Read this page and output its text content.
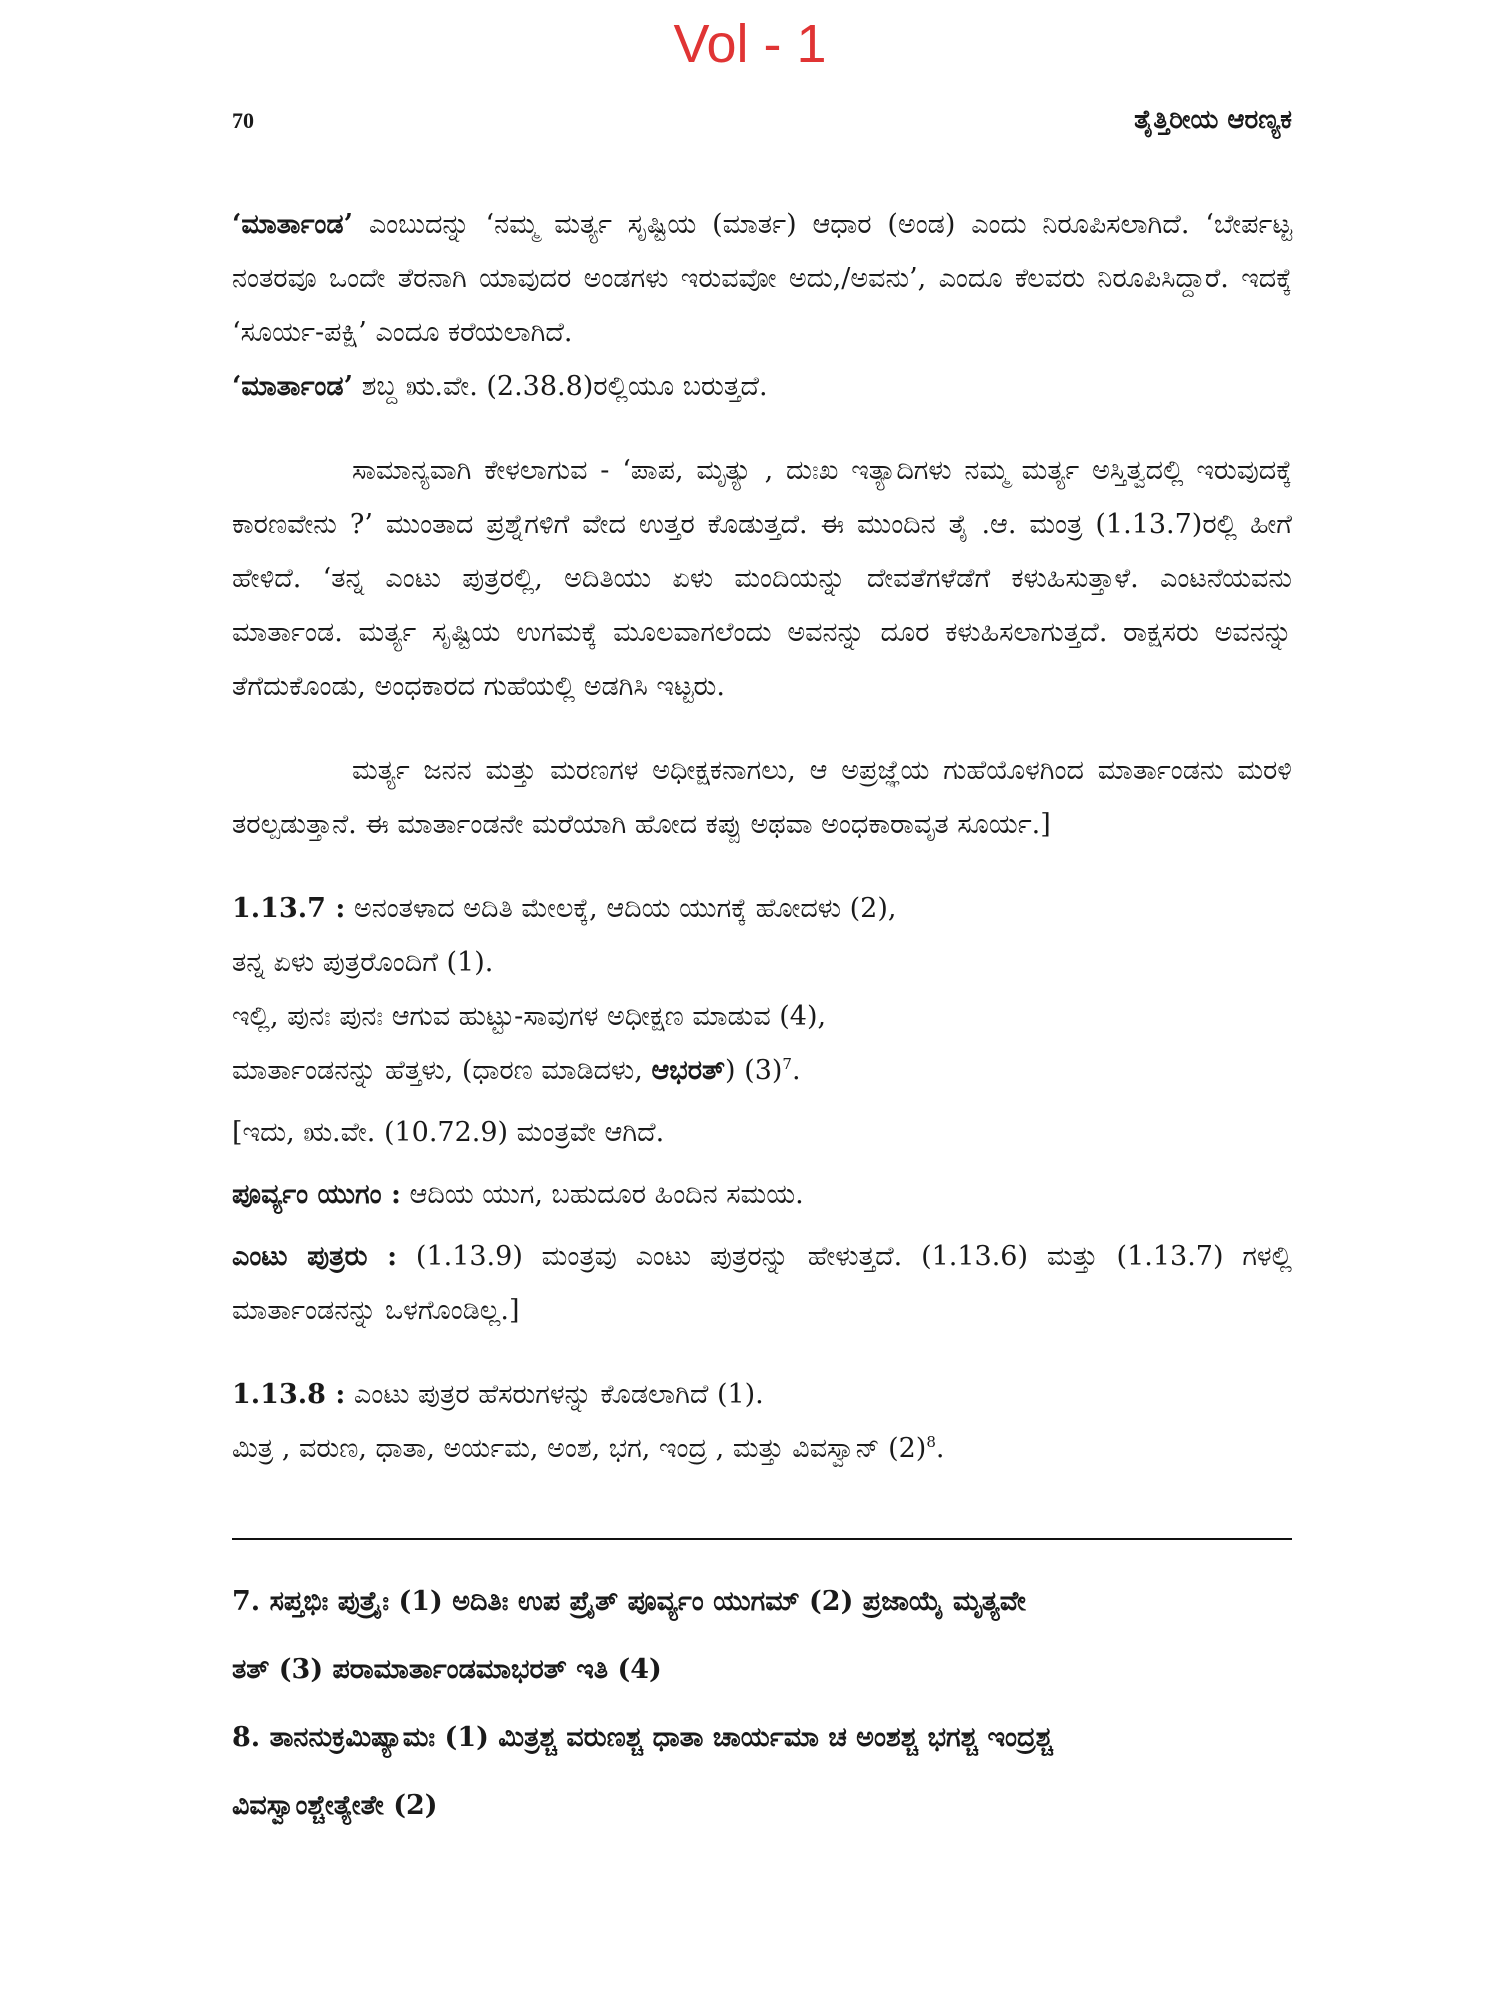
Vol - 1
70	ತೈತ್ತಿರೀಯ ಆರಣ್ಯಕ

‘ಮಾರ್ತಾಂಡ’ ಎಂಬುದನ್ನು ‘ನಮ್ಮ ಮರ್ತ್ಯ ಸೃಷ್ಟಿಯ (ಮಾರ್ತ) ಆಧಾರ (ಅಂಡ) ಎಂದು ನಿರೂಪಿಸಲಾಗಿದೆ. ‘ಬೇರ್ಪಟ್ಟ ನಂತರವೂ ಒಂದೇ ತೆರನಾಗಿ ಯಾವುದರ ಅಂಡಗಳು ಇರುವವೋ ಅದು,/ಅವನು’, ಎಂದೂ ಕೆಲವರು ನಿರೂಪಿಸಿದ್ದಾರೆ. ಇದಕ್ಕೆ ‘ಸೂರ್ಯ-ಪಕ್ಷಿ’ ಎಂದೂ ಕರೆಯಲಾಗಿದೆ.
‘ಮಾರ್ತಾಂಡ’ ಶಬ್ದ ಋ.ವೇ. (2.38.8)ರಲ್ಲಿಯೂ ಬರುತ್ತದೆ.

ಸಾಮಾನ್ಯವಾಗಿ ಕೇಳಲಾಗುವ - ‘ಪಾಪ, ಮೃತ್ಯು , ದುಃಖ ಇತ್ಯಾದಿಗಳು ನಮ್ಮ ಮರ್ತ್ಯ ಅಸ್ತಿತ್ವದಲ್ಲಿ ಇರುವುದಕ್ಕೆ ಕಾರಣವೇನು ?’ ಮುಂತಾದ ಪ್ರಶ್ನೆಗಳಿಗೆ ವೇದ ಉತ್ತರ ಕೊಡುತ್ತದೆ. ಈ ಮುಂದಿನ ತೈ .ಆ. ಮಂತ್ರ (1.13.7)ರಲ್ಲಿ ಹೀಗೆ ಹೇಳಿದೆ. ‘ತನ್ನ ಎಂಟು ಪುತ್ರರಲ್ಲಿ, ಅದಿತಿಯು ಏಳು ಮಂದಿಯನ್ನು ದೇವತೆಗಳೆಡೆಗೆ ಕಳುಹಿಸುತ್ತಾಳೆ. ಎಂಟನೆಯವನು ಮಾರ್ತಾಂಡ. ಮರ್ತ್ಯ ಸೃಷ್ಟಿಯ ಉಗಮಕ್ಕೆ ಮೂಲವಾಗಲೆಂದು ಅವನನ್ನು ದೂರ ಕಳುಹಿಸಲಾಗುತ್ತದೆ. ರಾಕ್ಷಸರು ಅವನನ್ನು ತೆಗೆದುಕೊಂಡು, ಅಂಧಕಾರದ ಗುಹೆಯಲ್ಲಿ ಅಡಗಿಸಿ ಇಟ್ಟರು.

ಮರ್ತ್ಯ ಜನನ ಮತ್ತು ಮರಣಗಳ ಅಧೀಕ್ಷಕನಾಗಲು, ಆ ಅಪ್ರಜ್ಞೆಯ ಗುಹೆಯೊಳಗಿಂದ ಮಾರ್ತಾಂಡನು ಮರಳಿ ತರಲ್ಪಡುತ್ತಾನೆ. ಈ ಮಾರ್ತಾಂಡನೇ ಮರೆಯಾಗಿ ಹೋದ ಕಪ್ಪು ಅಥವಾ ಅಂಧಕಾರಾವೃತ ಸೂರ್ಯ.]

1.13.7 : ಅನಂತಳಾದ ಅದಿತಿ ಮೇಲಕ್ಕೆ, ಆದಿಯ ಯುಗಕ್ಕೆ ಹೋದಳು (2),
ತನ್ನ ಏಳು ಪುತ್ರರೊಂದಿಗೆ (1).
ಇಲ್ಲಿ, ಪುನಃ ಪುನಃ ಆಗುವ ಹುಟ್ಟು-ಸಾವುಗಳ ಅಧೀಕ್ಷಣ ಮಾಡುವ (4),
ಮಾರ್ತಾಂಡನನ್ನು ಹೆತ್ತಳು, (ಧಾರಣ ಮಾಡಿದಳು, ಆಭರತ್) $(3)^7$.
[ಇದು, ಋ.ವೇ. (10.72.9) ಮಂತ್ರವೇ ಆಗಿದೆ.
ಪೂರ್ವ್ಯಂ ಯುಗಂ : ಆದಿಯ ಯುಗ, ಬಹುದೂರ ಹಿಂದಿನ ಸಮಯ.

ಎಂಟು ಪುತ್ರರು : (1.13.9) ಮಂತ್ರವು ಎಂಟು ಪುತ್ರರನ್ನು ಹೇಳುತ್ತದೆ. (1.13.6) ಮತ್ತು (1.13.7) ಗಳಲ್ಲಿ ಮಾರ್ತಾಂಡನನ್ನು ಒಳಗೊಂಡಿಲ್ಲ.]

1.13.8 : ಎಂಟು ಪುತ್ರರ ಹೆಸರುಗಳನ್ನು ಕೊಡಲಾಗಿದೆ (1).
ಮಿತ್ರ , ವರುಣ, ಧಾತಾ, ಅರ್ಯಮ, ಅಂಶ, ಭಗ, ಇಂದ್ರ , ಮತ್ತು ವಿವಸ್ವಾನ್ $(2)^8$.
7. ಸಪ್ತಭಿಃ ಪುತ್ರೈಃ (1) ಅದಿತಿಃ ಉಪ ಪ್ರೈತ್ ಪೂರ್ವ್ಯಂ ಯುಗಮ್ (2) ಪ್ರಜಾಯೈ ಮೃತ್ಯವೇ
ತತ್ (3) ಪರಾಮಾರ್ತಾಂಡಮಾಭರತ್ ಇತಿ (4)
8. ತಾನನುಕ್ರಮಿಷ್ಯಾಮಃ (1) ಮಿತ್ರಶ್ಚ ವರುಣಶ್ಚ ಧಾತಾ ಚಾರ್ಯಮಾ ಚ ಅಂಶಶ್ಚ ಭಗಶ್ಚ ಇಂದ್ರಶ್ಚ
ವಿವಸ್ವಾಂಶ್ಚೇತ್ಯೇತೇ (2)
